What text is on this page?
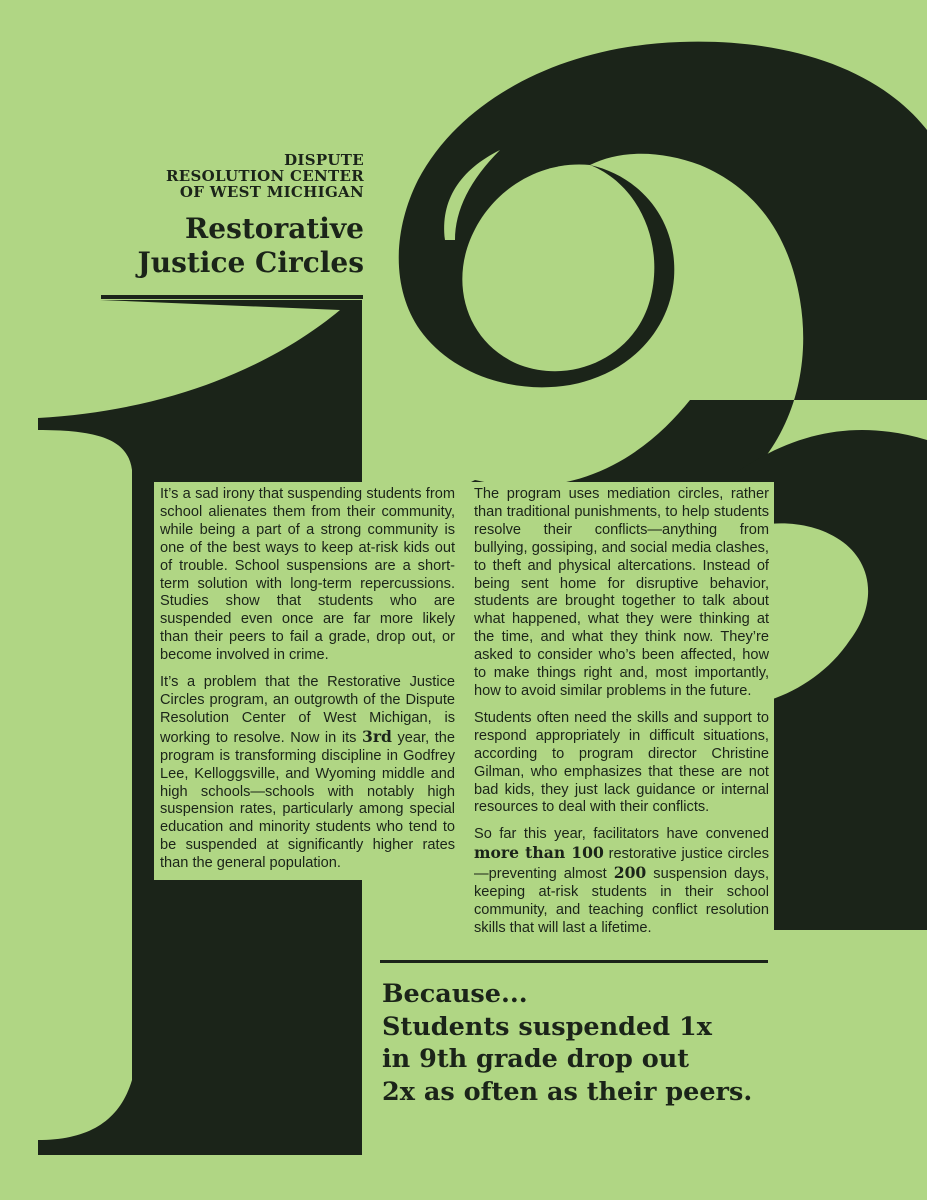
DISPUTE
RESOLUTION CENTER
OF WEST MICHIGAN
Restorative
Justice Circles

It’s a sad irony that suspending students from school alienates them from their community, while being a part of a strong community is one of the best ways to keep at-risk kids out of trouble. School suspensions are a short-term solution with long-term repercussions. Studies show that students who are suspended even once are far more likely than their peers to fail a grade, drop out, or become involved in crime.

It’s a problem that the Restorative Justice Circles program, an outgrowth of the Dispute Resolution Center of West Michigan, is working to resolve. Now in its 3rd year, the program is transforming discipline in Godfrey Lee, Kelloggsville, and Wyoming middle and high schools—schools with notably high suspension rates, particularly among special education and minority students who tend to be suspended at significantly higher rates than the general population.

The program uses mediation circles, rather than traditional punishments, to help students resolve their conflicts—anything from bullying, gossiping, and social media clashes, to theft and physical altercations. Instead of being sent home for disruptive behavior, students are brought together to talk about what happened, what they were thinking at the time, and what they think now. They’re asked to consider who’s been affected, how to make things right and, most importantly, how to avoid similar problems in the future.

Students often need the skills and support to respond appropriately in difficult situations, according to program director Christine Gilman, who emphasizes that these are not bad kids, they just lack guidance or internal resources to deal with their conflicts.

So far this year, facilitators have convened more than 100 restorative justice circles—preventing almost 200 suspension days, keeping at-risk students in their school community, and teaching conflict resolution skills that will last a lifetime.

Because...
Students suspended 1x
in 9th grade drop out
2x as often as their peers.
